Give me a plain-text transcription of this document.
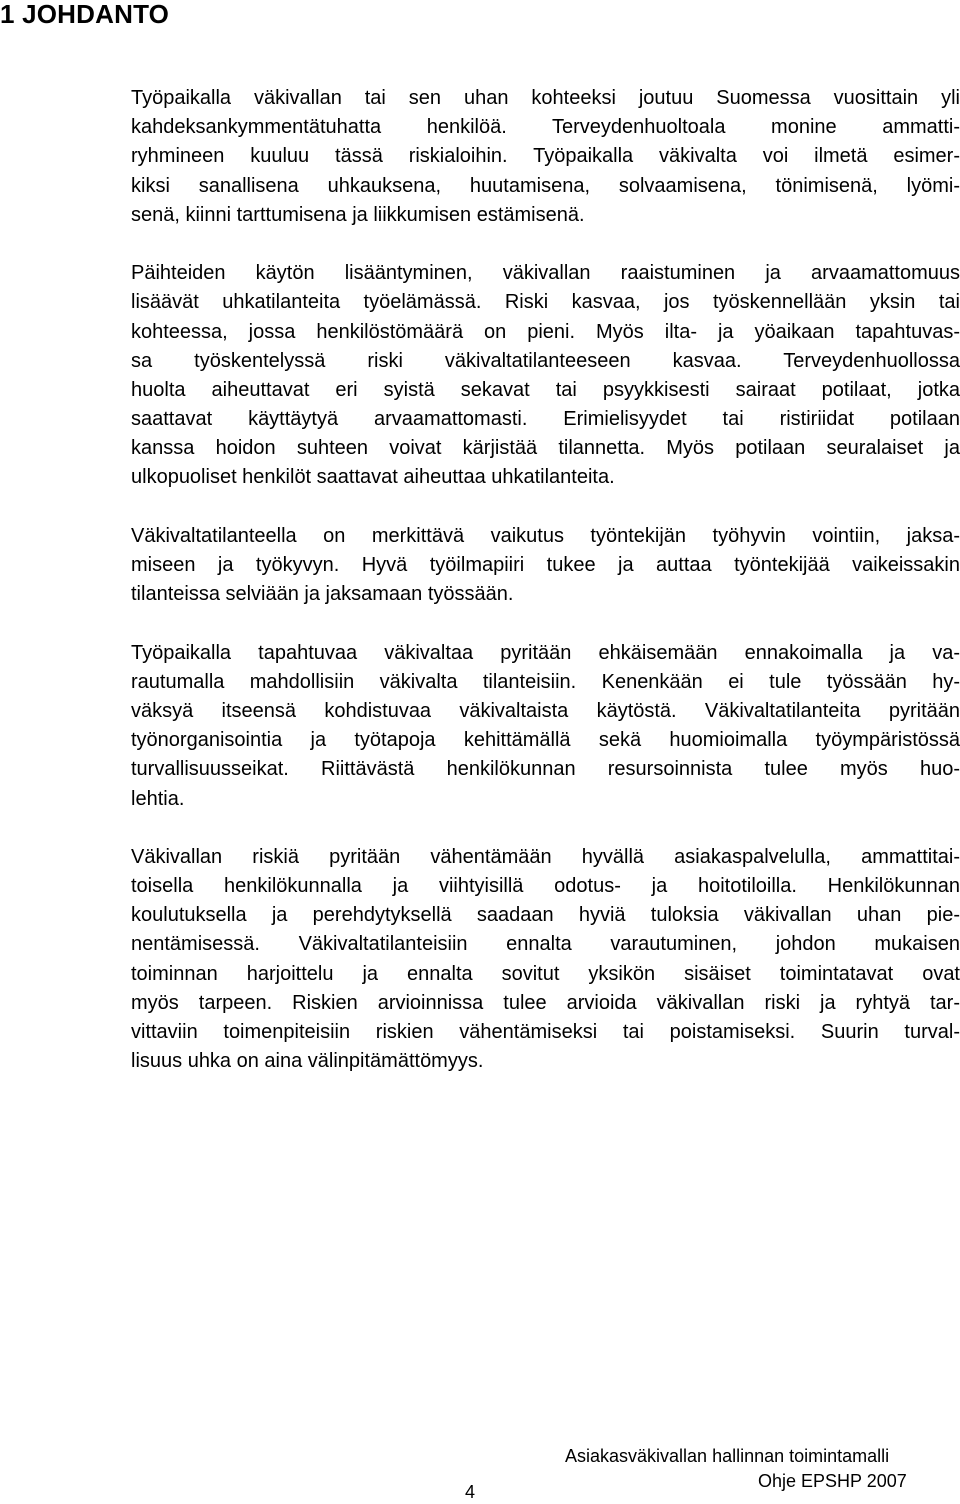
1 JOHDANTO
Työpaikalla väkivallan tai sen uhan kohteeksi joutuu Suomessa vuosittain yli
kahdeksankymmentätuhatta henkilöä. Terveydenhuoltoala monine ammatti-
ryhmineen kuuluu tässä riskialoihin. Työpaikalla väkivalta voi ilmetä esimer-
kiksi sanallisena uhkauksena, huutamisena, solvaamisena, tönimisenä, lyömi-
senä, kiinni tarttumisena ja liikkumisen estämisenä.
Päihteiden käytön lisääntyminen, väkivallan raaistuminen ja arvaamattomuus
lisäävät uhkatilanteita työelämässä. Riski kasvaa, jos työskennellään yksin tai
kohteessa, jossa henkilöstömäärä on pieni. Myös ilta- ja yöaikaan tapahtuvas-
sa työskentelyssä riski väkivaltatilanteeseen kasvaa. Terveydenhuollossa
huolta aiheuttavat eri syistä sekavat tai psyykkisesti sairaat potilaat, jotka
saattavat käyttäytyä arvaamattomasti. Erimielisyydet tai ristiriidat potilaan
kanssa hoidon suhteen voivat kärjistää tilannetta. Myös potilaan seuralaiset ja
ulkopuoliset henkilöt saattavat aiheuttaa uhkatilanteita.
Väkivaltatilanteella on merkittävä vaikutus työntekijän työhyvin vointiin, jaksa-
miseen ja työkyvyn. Hyvä työilmapiiri tukee ja auttaa työntekijää vaikeissakin
tilanteissa selviään ja jaksamaan työssään.
Työpaikalla tapahtuvaa väkivaltaa pyritään ehkäisemään ennakoimalla ja va-
rautumalla mahdollisiin väkivalta tilanteisiin. Kenenkään ei tule työssään hy-
väksyä itseensä kohdistuvaa väkivaltaista käytöstä. Väkivaltatilanteita pyritään
työnorganisointia ja työtapoja kehittämällä sekä huomioimalla työympäristössä
turvallisuusseikat. Riittävästä henkilökunnan resursoinnista tulee myös huo-
lehtia.
Väkivallan riskiä pyritään vähentämään hyvällä asiakaspalvelulla, ammattitai-
toisella henkilökunnalla ja viihtyisillä odotus- ja hoitotiloilla. Henkilökunnan
koulutuksella ja perehdytyksellä saadaan hyviä tuloksia väkivallan uhan pie-
nentämisessä. Väkivaltatilanteisiin ennalta varautuminen, johdon mukaisen
toiminnan harjoittelu ja ennalta sovitut yksikön sisäiset toimintatavat ovat
myös tarpeen. Riskien arvioinnissa tulee arvioida väkivallan riski ja ryhtyä tar-
vittaviin toimenpiteisiin riskien vähentämiseksi tai poistamiseksi. Suurin turval-
lisuus uhka on aina välinpitämättömyys.
Asiakasväkivallan hallinnan toimintamalli
Ohje EPSHP 2007
4
